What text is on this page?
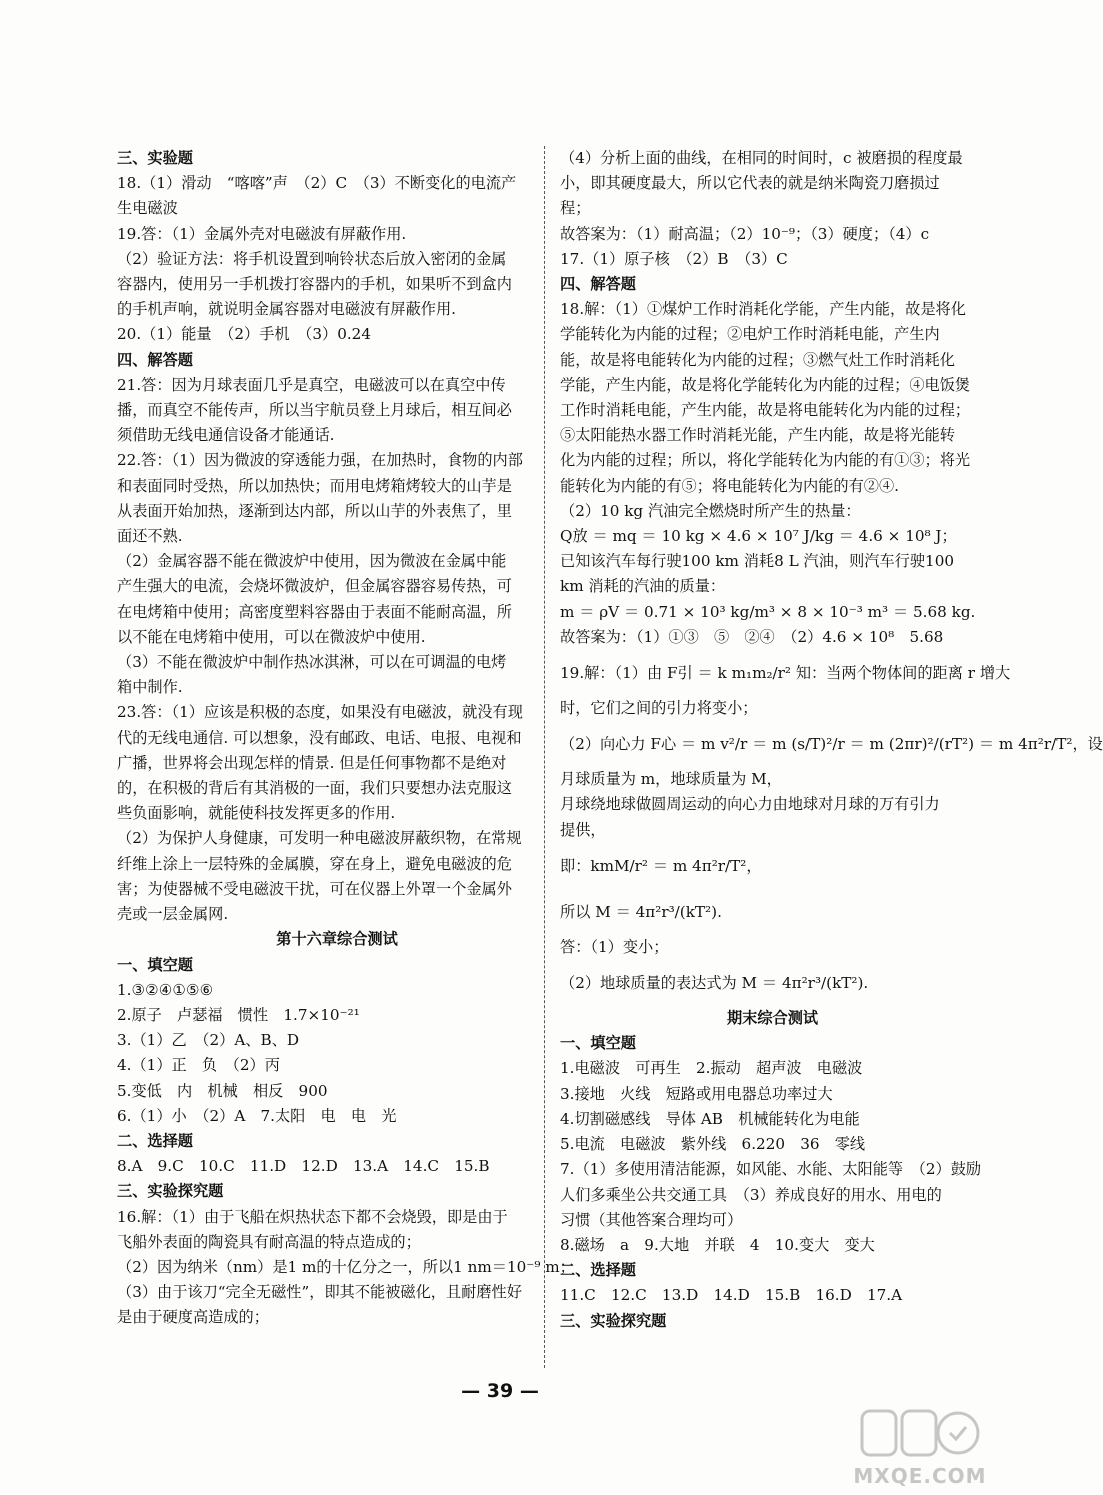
三、实验题
18.（1）滑动　“喀喀”声　（2）C　（3）不断变化的电流产
生电磁波
19.答：（1）金属外壳对电磁波有屏蔽作用.
（2）验证方法：将手机设置到响铃状态后放入密闭的金属
容器内，使用另一手机拨打容器内的手机，如果听不到盒内
的手机声响，就说明金属容器对电磁波有屏蔽作用.
20.（1）能量　（2）手机　（3）0.24
四、解答题
21.答：因为月球表面几乎是真空，电磁波可以在真空中传
播，而真空不能传声，所以当宇航员登上月球后，相互间必
须借助无线电通信设备才能通话.
22.答：（1）因为微波的穿透能力强，在加热时，食物的内部
和表面同时受热，所以加热快；而用电烤箱烤较大的山芋是
从表面开始加热，逐渐到达内部，所以山芋的外表焦了，里
面还不熟.
（2）金属容器不能在微波炉中使用，因为微波在金属中能
产生强大的电流，会烧坏微波炉，但金属容器容易传热，可
在电烤箱中使用；高密度塑料容器由于表面不能耐高温，所
以不能在电烤箱中使用，可以在微波炉中使用.
（3）不能在微波炉中制作热冰淇淋，可以在可调温的电烤
箱中制作.
23.答：（1）应该是积极的态度，如果没有电磁波，就没有现
代的无线电通信. 可以想象，没有邮政、电话、电报、电视和
广播，世界将会出现怎样的情景. 但是任何事物都不是绝对
的，在积极的背后有其消极的一面，我们只要想办法克服这
些负面影响，就能使科技发挥更多的作用.
（2）为保护人身健康，可发明一种电磁波屏蔽织物，在常规
纤维上涂上一层特殊的金属膜，穿在身上，避免电磁波的危
害；为使器械不受电磁波干扰，可在仪器上外罩一个金属外
壳或一层金属网.
第十六章综合测试
一、填空题
1.③②④①⑤⑥
2.原子　卢瑟福　惯性　1.7×10⁻²¹
3.（1）乙　（2）A、B、D
4.（1）正　负　（2）丙
5.变低　内　机械　相反　900
6.（1）小　（2）A　7.太阳　电　电　光
二、选择题
8.A　9.C　10.C　11.D　12.D　13.A　14.C　15.B
三、实验探究题
16.解：（1）由于飞船在炽热状态下都不会烧毁，即是由于
飞船外表面的陶瓷具有耐高温的特点造成的；
（2）因为纳米（nm）是1 m的十亿分之一，所以1 nm＝10⁻⁹ m；
（3）由于该刀“完全无磁性”，即其不能被磁化，且耐磨性好
是由于硬度高造成的；
（4）分析上面的曲线，在相同的时间时，c 被磨损的程度最
小，即其硬度最大，所以它代表的就是纳米陶瓷刀磨损过
程；
故答案为：（1）耐高温；（2）10⁻⁹；（3）硬度；（4）c
17.（1）原子核　（2）B　（3）C
四、解答题
18.解：（1）①煤炉工作时消耗化学能，产生内能，故是将化
学能转化为内能的过程；②电炉工作时消耗电能，产生内
能，故是将电能转化为内能的过程；③燃气灶工作时消耗化
学能，产生内能，故是将化学能转化为内能的过程；④电饭煲
工作时消耗电能，产生内能，故是将电能转化为内能的过程；
⑤太阳能热水器工作时消耗光能，产生内能，故是将光能转
化为内能的过程；所以，将化学能转化为内能的有①③；将光
能转化为内能的有⑤；将电能转化为内能的有②④.
（2）10 kg 汽油完全燃烧时所产生的热量：
Q放 ＝ mq ＝ 10 kg × 4.6 × 10⁷ J/kg ＝ 4.6 × 10⁸ J；
已知该汽车每行驶100 km 消耗8 L 汽油，则汽车行驶100
km 消耗的汽油的质量：
m ＝ ρV ＝ 0.71 × 10³ kg/m³ × 8 × 10⁻³ m³ ＝ 5.68 kg.
故答案为：（1）①③　⑤　②④　（2）4.6 × 10⁸　5.68
19.解：（1）由 F引 ＝ k m₁m₂/r² 知：当两个物体间的距离 r 增大
时，它们之间的引力将变小；
（2）向心力 F心 ＝ m v²/r ＝ m (s/T)²/r ＝ m (2πr)²/(rT²) ＝ m 4π²r/T²，设
月球质量为 m，地球质量为 M，
月球绕地球做圆周运动的向心力由地球对月球的万有引力
提供，
即：kmM/r² ＝ m 4π²r/T²，
所以 M ＝ 4π²r³/(kT²).
答：（1）变小；
（2）地球质量的表达式为 M ＝ 4π²r³/(kT²).
期末综合测试
一、填空题
1.电磁波　可再生　2.振动　超声波　电磁波
3.接地　火线　短路或用电器总功率过大
4.切割磁感线　导体 AB　机械能转化为电能
5.电流　电磁波　紫外线　6.220　36　零线
7.（1）多使用清洁能源，如风能、水能、太阳能等　（2）鼓励
人们多乘坐公共交通工具　（3）养成良好的用水、用电的
习惯（其他答案合理均可）
8.磁场　a　9.大地　并联　4　10.变大　变大
二、选择题
11.C　12.C　13.D　14.D　15.B　16.D　17.A
三、实验探究题
— 39 —
MXQE.COM
